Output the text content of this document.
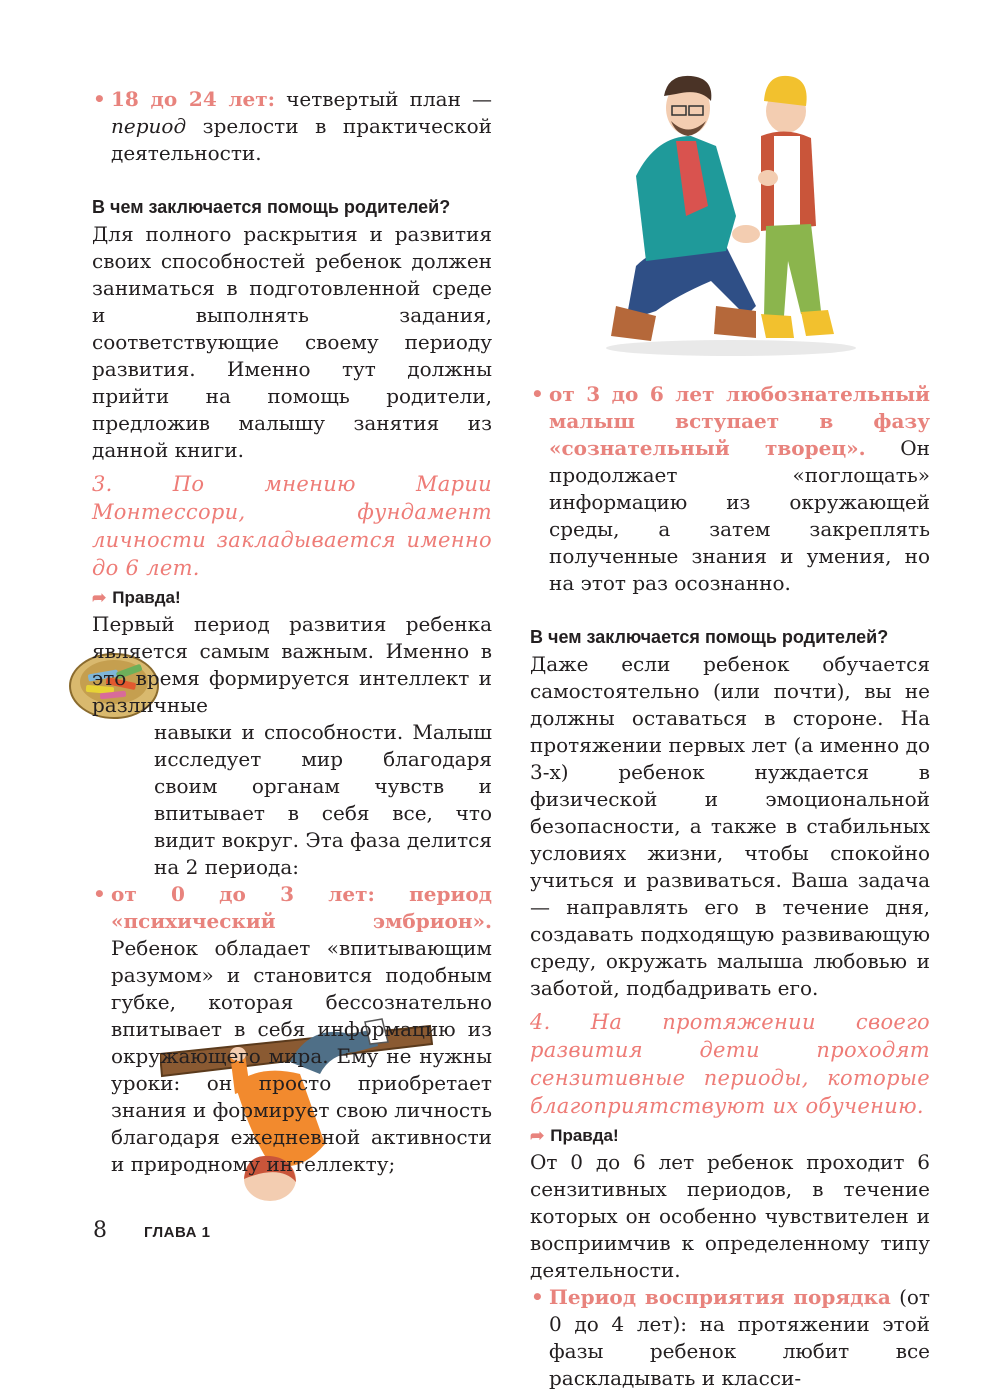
• 18 до 24 лет: четвертый план — период зрелости в практической деятельности.

В чем заключается помощь родителей?

Для полного раскрытия и развития своих способностей ребенок должен заниматься в подготовленной среде и выполнять задания, соответствующие своему периоду развития. Именно тут должны прийти на помощь родители, предложив малышу занятия из данной книги.

3. По мнению Марии Монтессори, фундамент личности закладывается именно до 6 лет.

➦ Правда!

Первый период развития ребенка является самым важным. Именно в это время формируется интеллект и различные

навыки и способности. Малыш исследует мир благодаря своим органам чувств и впитывает в себя все, что видит вокруг. Эта фаза делится на 2 периода:

• от 0 до 3 лет: период «психический эмбрион». Ребенок обладает «впитывающим разумом» и становится подобным губке, которая бессознательно впитывает в себя информацию из окружающего мира. Ему не нужны уроки: он просто приобретает знания и формирует свою личность благодаря ежедневной активности и природному интеллекту;

• от 3 до 6 лет любознательный малыш вступает в фазу «сознательный творец». Он продолжает «поглощать» информацию из окружающей среды, а затем закреплять полученные знания и умения, но на этот раз осознанно.

В чем заключается помощь родителей?

Даже если ребенок обучается самостоятельно (или почти), вы не должны оставаться в стороне. На протяжении первых лет (а именно до 3-х) ребенок нуждается в физической и эмоциональной безопасности, а также в стабильных условиях жизни, чтобы спокойно учиться и развиваться. Ваша задача — направлять его в течение дня, создавать подходящую развивающую среду, окружать малыша любовью и заботой, подбадривать его.

4. На протяжении своего развития дети проходят сензитивные периоды, которые благоприятствуют их обучению.

➦ Правда!

От 0 до 6 лет ребенок проходит 6 сензитивных периодов, в течение которых он особенно чувствителен и восприимчив к определенному типу деятельности.

• Период восприятия порядка (от 0 до 4 лет): на протяжении этой фазы ребенок любит все раскладывать и класси-

8 ГЛАВА 1
